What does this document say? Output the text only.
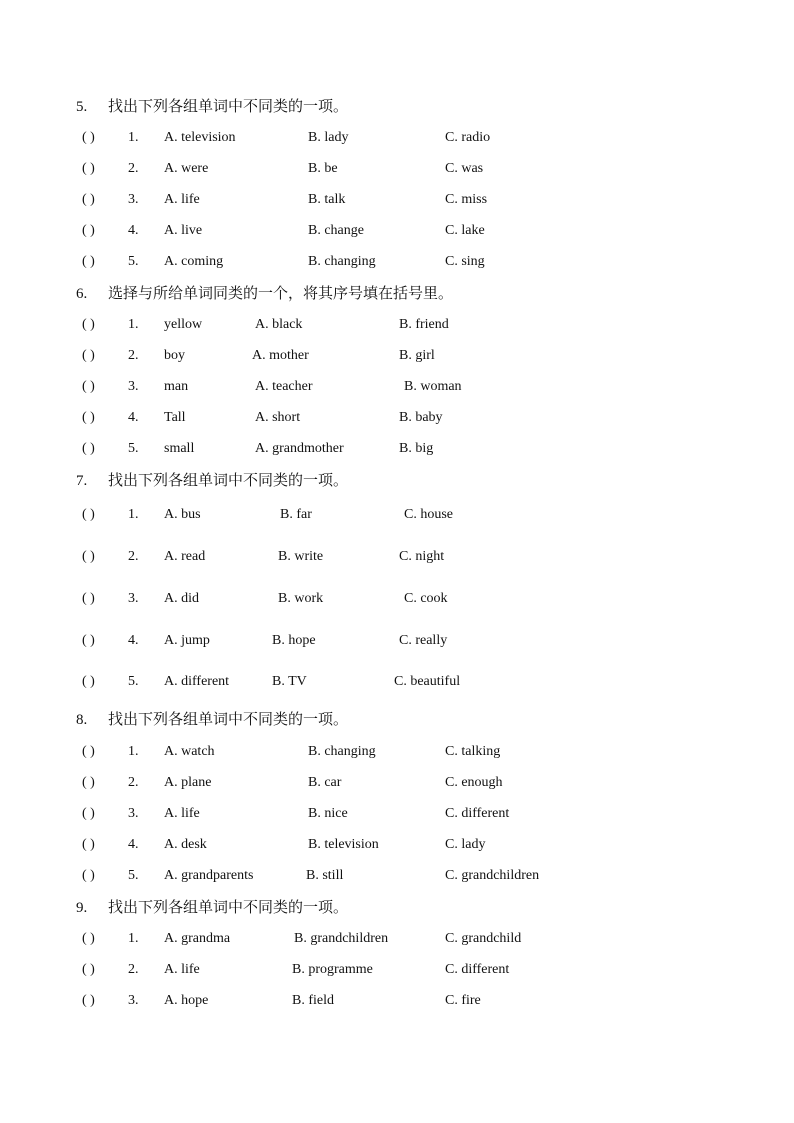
5. 找出下列各组单词中不同类的一项。
( ) 1. A. television	B. lady	C. radio
( ) 2. A. were	B. be	C. was
( ) 3. A. life	B. talk	C. miss
( ) 4. A. live	B. change	C. lake
( ) 5. A. coming	B. changing	C. sing
6. 选择与所给单词同类的一个，将其序号填在括号里。
( ) 1. yellow	A. black	B. friend
( ) 2. boy	A. mother	B. girl
( ) 3. man	A. teacher	B. woman
( ) 4. Tall	A. short	B. baby
( ) 5. small	A. grandmother	B. big
7. 找出下列各组单词中不同类的一项。
( ) 1. A. bus	B. far	C. house
( ) 2. A. read	B. write	C. night
( ) 3. A. did	B. work	C. cook
( ) 4. A. jump	B. hope	C. really
( ) 5. A. different	B. TV	C. beautiful
8. 找出下列各组单词中不同类的一项。
( ) 1. A. watch	B. changing	C. talking
( ) 2. A. plane	B. car	C. enough
( ) 3. A. life	B. nice	C. different
( ) 4. A. desk	B. television	C. lady
( ) 5. A. grandparents	B. still	C. grandchildren
9. 找出下列各组单词中不同类的一项。
( ) 1. A. grandma	B. grandchildren	C. grandchild
( ) 2. A. life	B. programme	C. different
( ) 3. A. hope	B. field	C. fire
